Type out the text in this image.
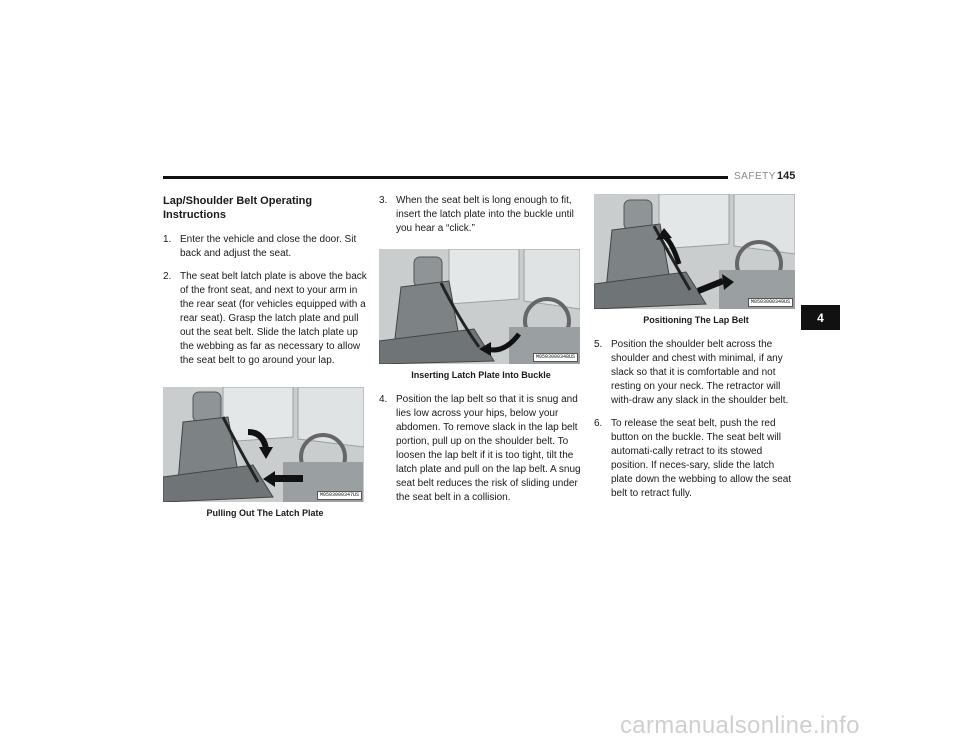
SAFETY 145
Lap/Shoulder Belt Operating Instructions
1. Enter the vehicle and close the door. Sit back and adjust the seat.
2. The seat belt latch plate is above the back of the front seat, and next to your arm in the rear seat (for vehicles equipped with a rear seat). Grasp the latch plate and pull out the seat belt. Slide the latch plate up the webbing as far as necessary to allow the seat belt to go around your lap.
M0503000347US
Pulling Out The Latch Plate
3. When the seat belt is long enough to fit, insert the latch plate into the buckle until you hear a “click.”
M0503000348US
Inserting Latch Plate Into Buckle
4. Position the lap belt so that it is snug and lies low across your hips, below your abdomen. To remove slack in the lap belt portion, pull up on the shoulder belt. To loosen the lap belt if it is too tight, tilt the latch plate and pull on the lap belt. A snug seat belt reduces the risk of sliding under the seat belt in a collision.
M0503000349US
Positioning The Lap Belt
5. Position the shoulder belt across the shoulder and chest with minimal, if any slack so that it is comfortable and not resting on your neck. The retractor will with-draw any slack in the shoulder belt.
6. To release the seat belt, push the red button on the buckle. The seat belt will automati-cally retract to its stowed position. If neces-sary, slide the latch plate down the webbing to allow the seat belt to retract fully.
4
carmanualsonline.info
